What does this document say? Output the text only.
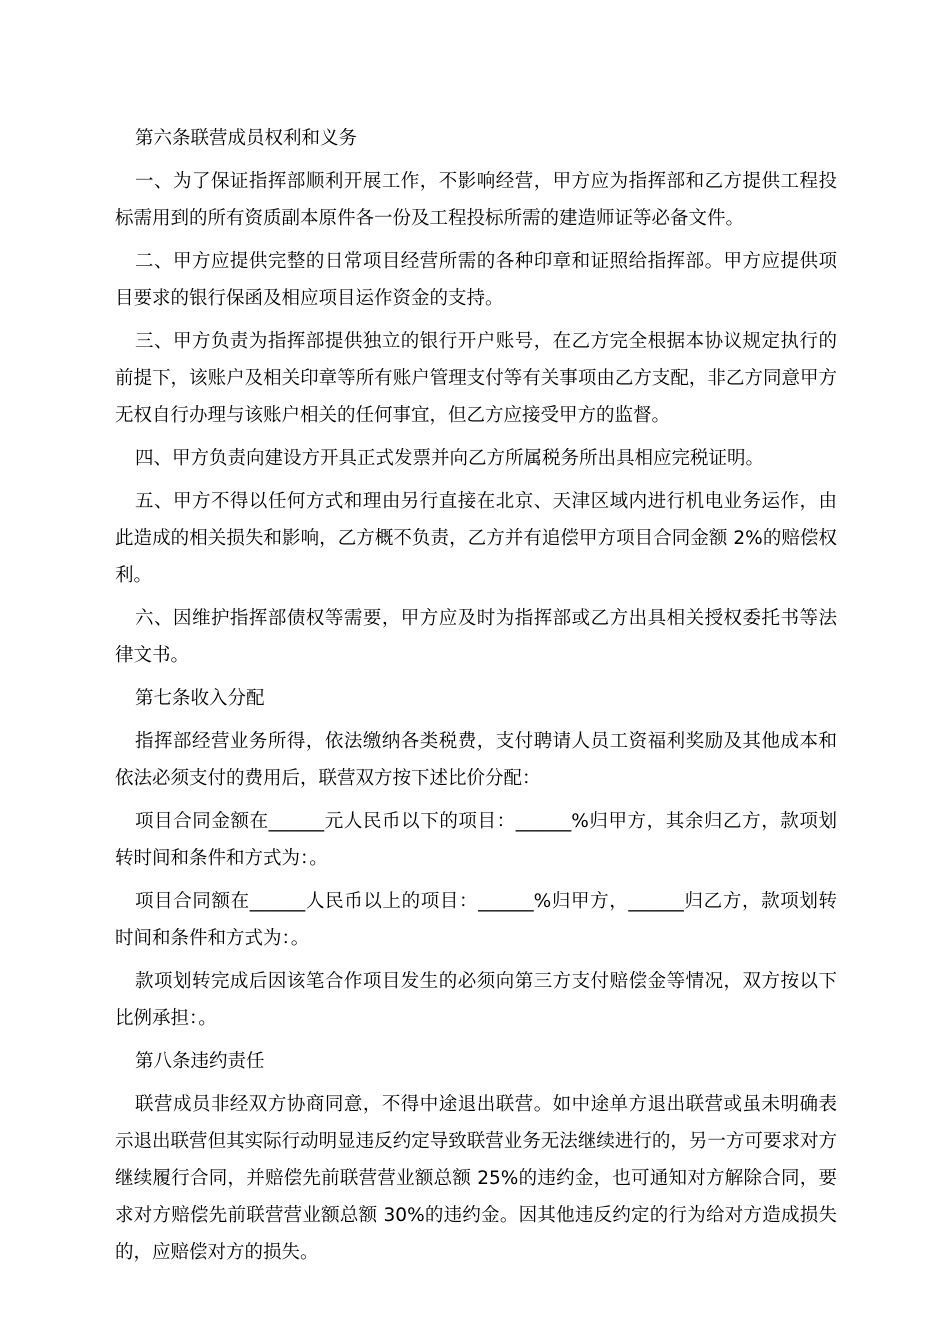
第六条联营成员权利和义务

一、为了保证指挥部顺利开展工作，不影响经营，甲方应为指挥部和乙方提供工程投标需用到的所有资质副本原件各一份及工程投标所需的建造师证等必备文件。

二、甲方应提供完整的日常项目经营所需的各种印章和证照给指挥部。甲方应提供项目要求的银行保函及相应项目运作资金的支持。

三、甲方负责为指挥部提供独立的银行开户账号，在乙方完全根据本协议规定执行的前提下，该账户及相关印章等所有账户管理支付等有关事项由乙方支配，非乙方同意甲方无权自行办理与该账户相关的任何事宜，但乙方应接受甲方的监督。

四、甲方负责向建设方开具正式发票并向乙方所属税务所出具相应完税证明。

五、甲方不得以任何方式和理由另行直接在北京、天津区域内进行机电业务运作，由此造成的相关损失和影响，乙方概不负责，乙方并有追偿甲方项目合同金额 2%的赔偿权利。

六、因维护指挥部债权等需要，甲方应及时为指挥部或乙方出具相关授权委托书等法律文书。

第七条收入分配

指挥部经营业务所得，依法缴纳各类税费，支付聘请人员工资福利奖励及其他成本和依法必须支付的费用后，联营双方按下述比价分配：

项目合同金额在______元人民币以下的项目：______%归甲方，其余归乙方，款项划转时间和条件和方式为：。

项目合同额在______人民币以上的项目：______%归甲方，______归乙方，款项划转时间和条件和方式为：。

款项划转完成后因该笔合作项目发生的必须向第三方支付赔偿金等情况，双方按以下比例承担：。

第八条违约责任

联营成员非经双方协商同意，不得中途退出联营。如中途单方退出联营或虽未明确表示退出联营但其实际行动明显违反约定导致联营业务无法继续进行的，另一方可要求对方继续履行合同，并赔偿先前联营营业额总额 25%的违约金，也可通知对方解除合同，要求对方赔偿先前联营营业额总额 30%的违约金。因其他违反约定的行为给对方造成损失的，应赔偿对方的损失。
